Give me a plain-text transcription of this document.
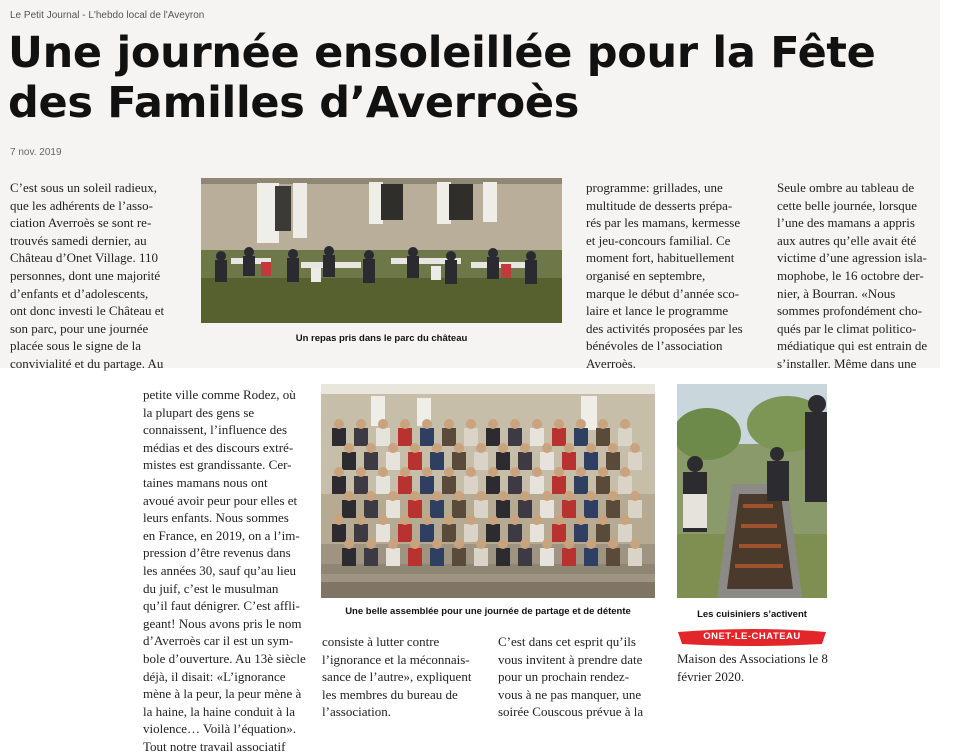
Le Petit Journal - L'hebdo local de l'Aveyron
Une journée ensoleillée pour la Fête des Familles d’Averroès
7 nov. 2019
C’est sous un soleil radieux,
que les adhérents de l’asso-
ciation Averroès se sont re-
trouvés samedi dernier, au
Château d’Onet Village. 110
personnes, dont une majorité
d’enfants et d’adolescents,
ont donc investi le Château et
son parc, pour une journée
placée sous le signe de la
convivialité et du partage. Au
programme: grillades, une
multitude de desserts prépa-
rés par les mamans, kermesse
et jeu-concours familial. Ce
moment fort, habituellement
organisé en septembre,
marque le début d’année sco-
laire et lance le programme
des activités proposées par les
bénévoles de l’association
Averroès.
Seule ombre au tableau de
cette belle journée, lorsque
l’une des mamans a appris
aux autres qu’elle avait été
victime d’une agression isla-
mophobe, le 16 octobre der-
nier, à Bourran. «Nous
sommes profondément cho-
qués par le climat politico-
médiatique qui est entrain de
s’installer. Même dans une
petite ville comme Rodez, où
la plupart des gens se
connaissent, l’influence des
médias et des discours extré-
mistes est grandissante. Cer-
taines mamans nous ont
avoué avoir peur pour elles et
leurs enfants. Nous sommes
en France, en 2019, on a l’im-
pression d’être revenus dans
les années 30, sauf qu’au lieu
du juif, c’est le musulman
qu’il faut dénigrer. C’est affli-
geant! Nous avons pris le nom
d’Averroès car il est un sym-
bole d’ouverture. Au 13è siècle
déjà, il disait: «L’ignorance
mène à la peur, la peur mène à
la haine, la haine conduit à la
violence… Voilà l’équation».
Tout notre travail associatif
consiste à lutter contre
l’ignorance et la méconnais-
sance de l’autre», expliquent
les membres du bureau de
l’association.
C’est dans cet esprit qu’ils
vous invitent à prendre date
pour un prochain rendez-
vous à ne pas manquer, une
soirée Couscous prévue à la
Maison des Associations le 8
février 2020.
Un repas pris dans le parc du château
Une belle assemblée pour une journée de partage et de détente	Les cuisiniers s’activent
ONET-LE-CHATEAU
